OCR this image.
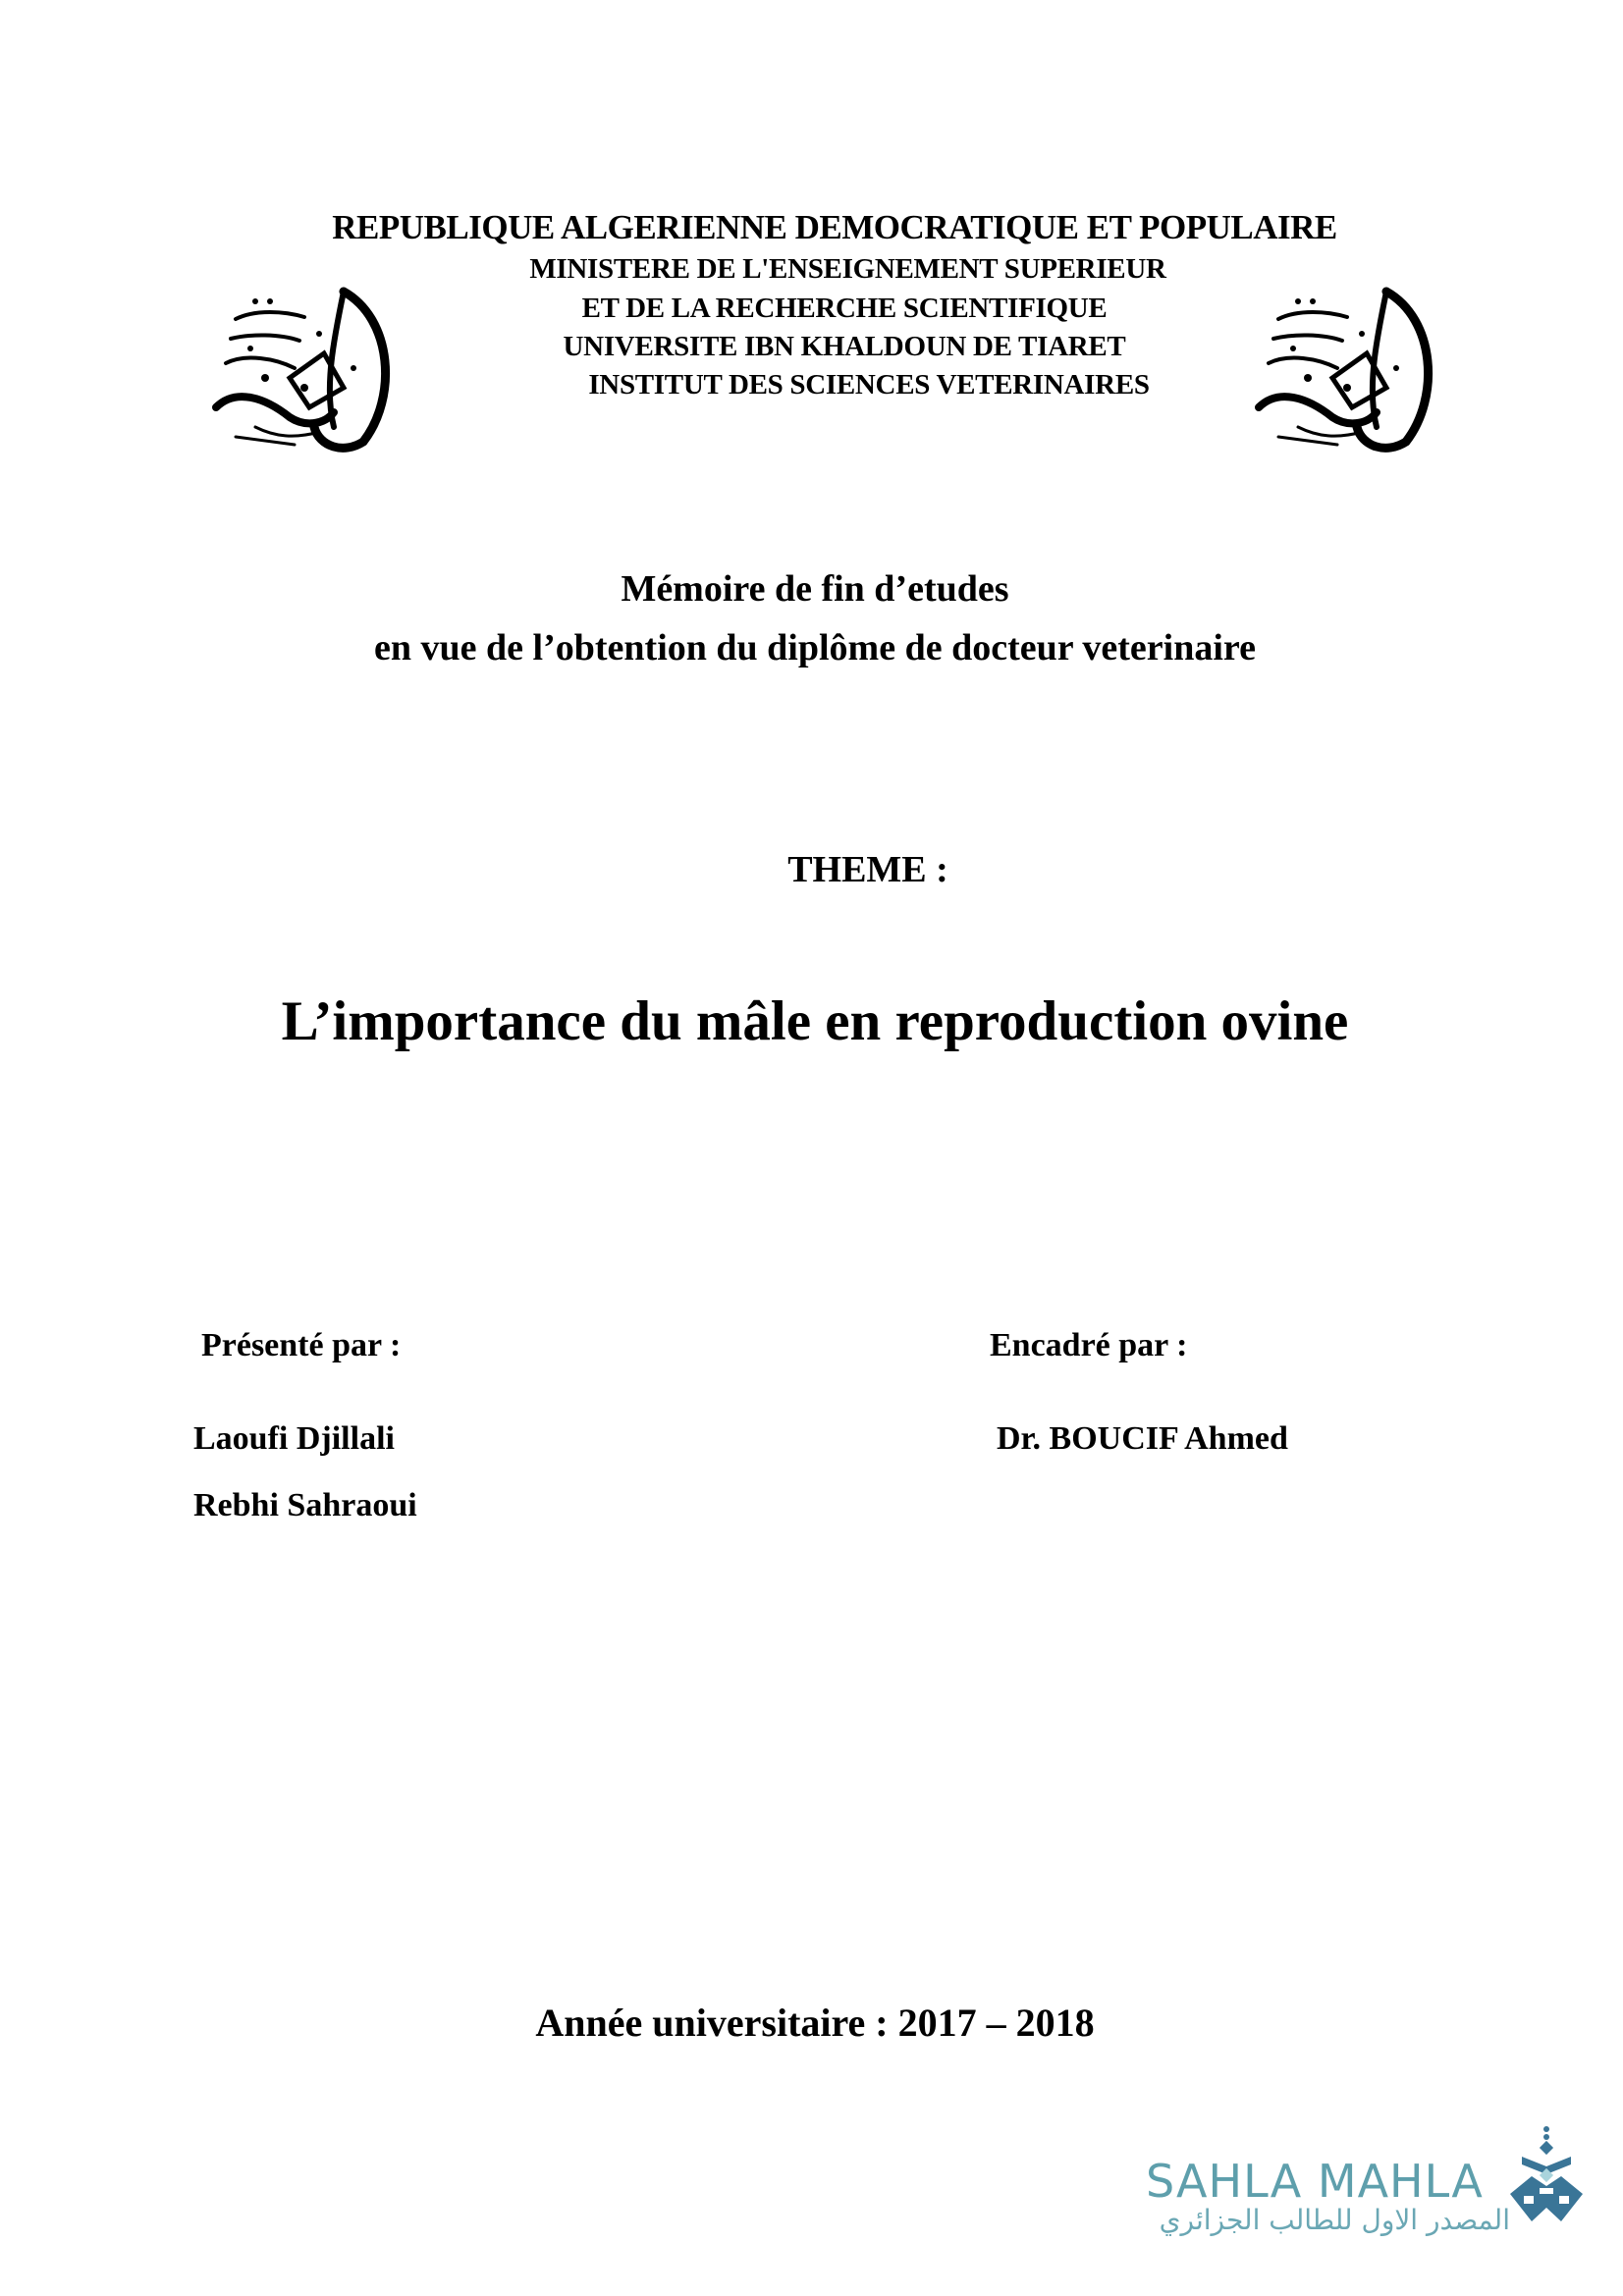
REPUBLIQUE ALGERIENNE DEMOCRATIQUE ET POPULAIRE
MINISTERE DE L'ENSEIGNEMENT SUPERIEUR
ET DE LA RECHERCHE SCIENTIFIQUE
UNIVERSITE IBN KHALDOUN DE TIARET
INSTITUT DES SCIENCES VETERINAIRES
Mémoire de fin d’etudes
en vue de l’obtention du diplôme de docteur veterinaire
THEME :
L’importance du mâle en reproduction ovine
Présenté par :	Encadré par :
Laoufi Djillali
Rebhi Sahraoui
Dr. BOUCIF Ahmed
Année universitaire : 2017 – 2018
SAHLA MAHLA
المصدر الاول للطالب الجزائري
